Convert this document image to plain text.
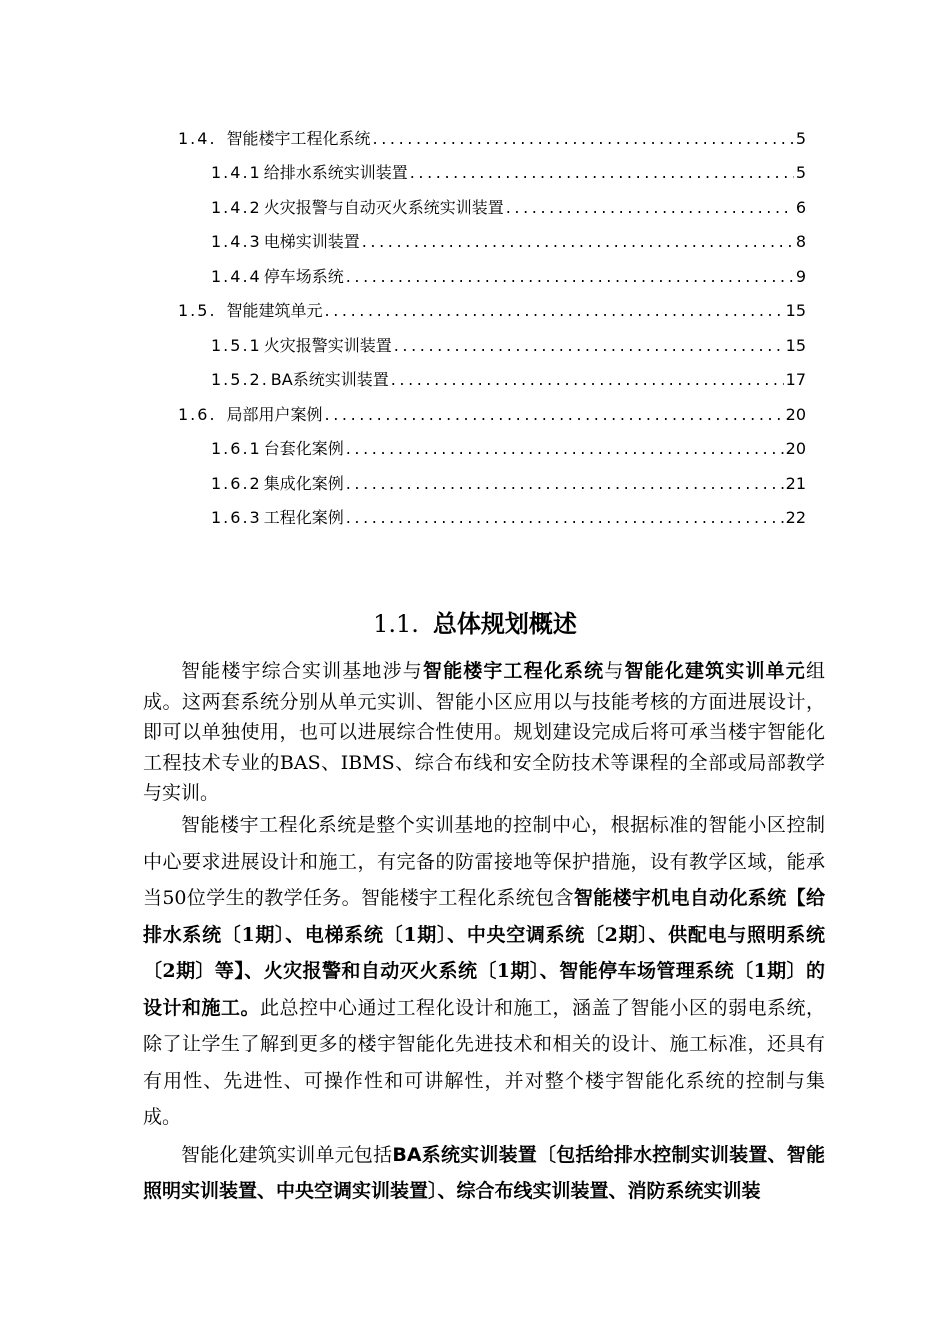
1.4. 智能楼宇工程化系统 .....	5
1.4.1 给排水系统实训装置 .....	5
1.4.2 火灾报警与自动灭火系统实训装置 .....	6
1.4.3 电梯实训装置 .....	8
1.4.4 停车场系统 .....	9
1.5. 智能建筑单元 .....	15
1.5.1 火灾报警实训装置 .....	15
1.5.2. BA系统实训装置 .....	17
1.6. 局部用户案例 .....	20
1.6.1 台套化案例 .....	20
1.6.2 集成化案例 .....	21
1.6.3 工程化案例 .....	22
1.1. 总体规划概述

智能楼宇综合实训基地涉与智能楼宇工程化系统与智能化建筑实训单元组成。这两套系统分别从单元实训、智能小区应用以与技能考核的方面进展设计，即可以单独使用，也可以进展综合性使用。规划建设完成后将可承当楼宇智能化工程技术专业的BAS、IBMS、综合布线和安全防技术等课程的全部或局部教学与实训。

智能楼宇工程化系统是整个实训基地的控制中心，根据标准的智能小区控制中心要求进展设计和施工，有完备的防雷接地等保护措施，设有教学区域，能承当50位学生的教学任务。智能楼宇工程化系统包含智能楼宇机电自动化系统【给排水系统〔1期〕、电梯系统〔1期〕、中央空调系统〔2期〕、供配电与照明系统〔2期〕等】、火灾报警和自动灭火系统〔1期〕、智能停车场管理系统〔1期〕的设计和施工。此总控中心通过工程化设计和施工，涵盖了智能小区的弱电系统，除了让学生了解到更多的楼宇智能化先进技术和相关的设计、施工标准，还具有有用性、先进性、可操作性和可讲解性，并对整个楼宇智能化系统的控制与集成。

智能化建筑实训单元包括BA系统实训装置〔包括给排水控制实训装置、智能照明实训装置、中央空调实训装置〕、综合布线实训装置、消防系统实训装
